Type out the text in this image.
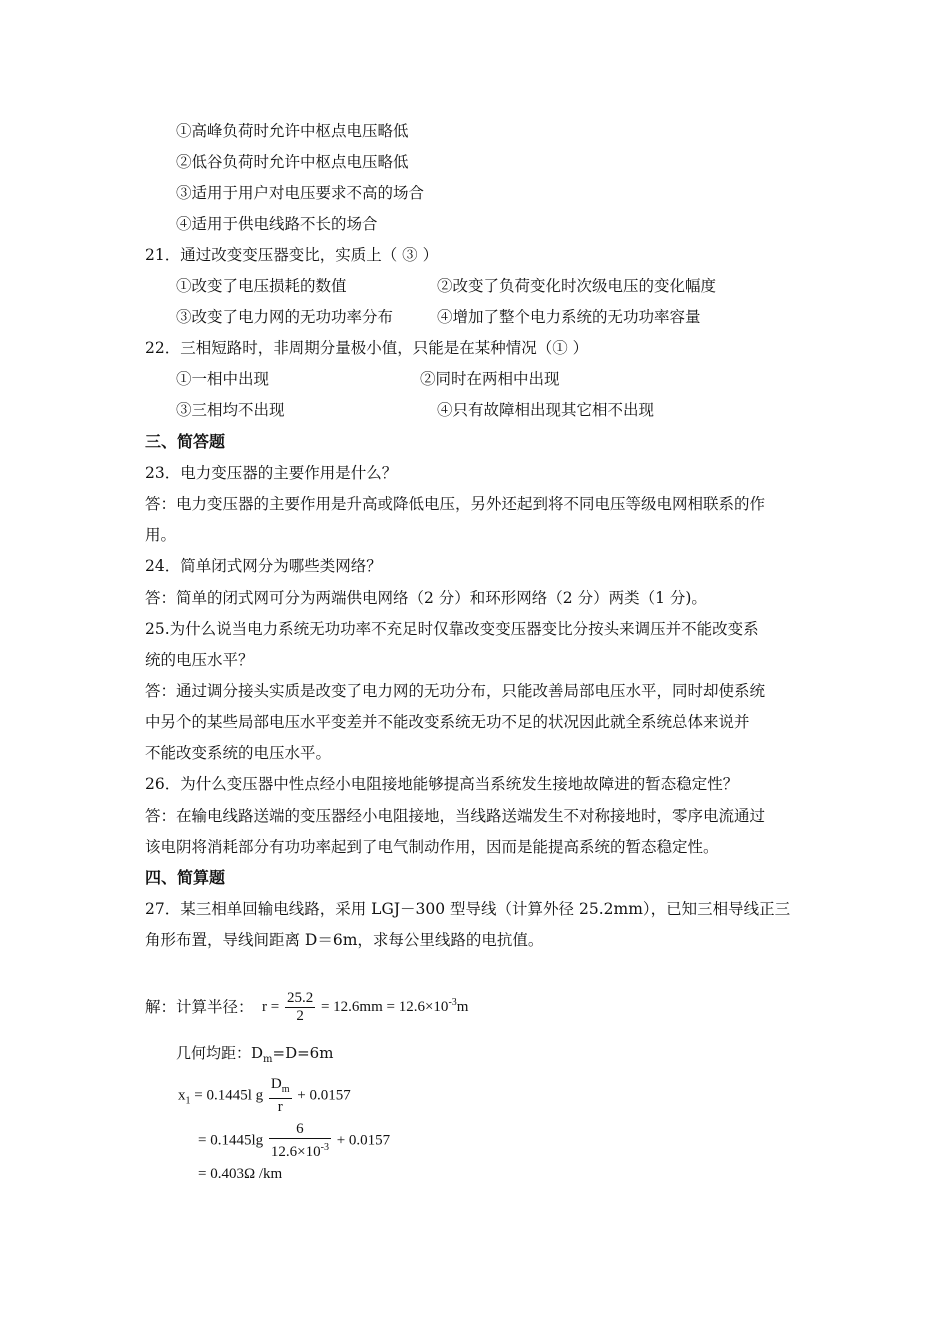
①高峰负荷时允许中枢点电压略低
②低谷负荷时允许中枢点电压略低
③适用于用户对电压要求不高的场合
④适用于供电线路不长的场合
21．通过改变变压器变比，实质上（ ③ ）
①改变了电压损耗的数值	②改变了负荷变化时次级电压的变化幅度
③改变了电力网的无功功率分布	④增加了整个电力系统的无功功率容量
22．三相短路时，非周期分量极小值，只能是在某种情况（① ）
①一相中出现	②同时在两相中出现
③三相均不出现	④只有故障相出现其它相不出现
三、简答题
23．电力变压器的主要作用是什么？
答：电力变压器的主要作用是升高或降低电压，另外还起到将不同电压等级电网相联系的作
用。
24．简单闭式网分为哪些类网络？
答：简单的闭式网可分为两端供电网络（2 分）和环形网络（2 分）两类（1 分)。
25.为什么说当电力系统无功功率不充足时仅靠改变变压器变比分按头来调压并不能改变系
统的电压水平？
答：通过调分接头实质是改变了电力网的无功分布，只能改善局部电压水平，同时却使系统
中另个的某些局部电压水平变差并不能改变系统无功不足的状况因此就全系统总体来说并
不能改变系统的电压水平。
26．为什么变压器中性点经小电阻接地能够提高当系统发生接地故障进的暂态稳定性？
答：在输电线路送端的变压器经小电阻接地，当线路送端发生不对称接地时，零序电流通过
该电阴将消耗部分有功功率起到了电气制动作用，因而是能提高系统的暂态稳定性。
四、简算题
27．某三相单回输电线路，采用 LGJ－300 型导线（计算外径 25.2mm），已知三相导线正三
角形布置，导线间距离 D＝6m，求每公里线路的电抗值。
解：计算半径： $r = \frac{25.2}{2} = 12.6mm = 12.6\times 10^{-3}m$
几何均距：$D_m=D=6m$
$x_1 = 0.1445l$ g $\frac{D_m}{r} + 0.0157$
= $0.1445\lg \frac{6}{12.6\times 10^{-3}} + 0.0157$
= 0.403Ω /km
